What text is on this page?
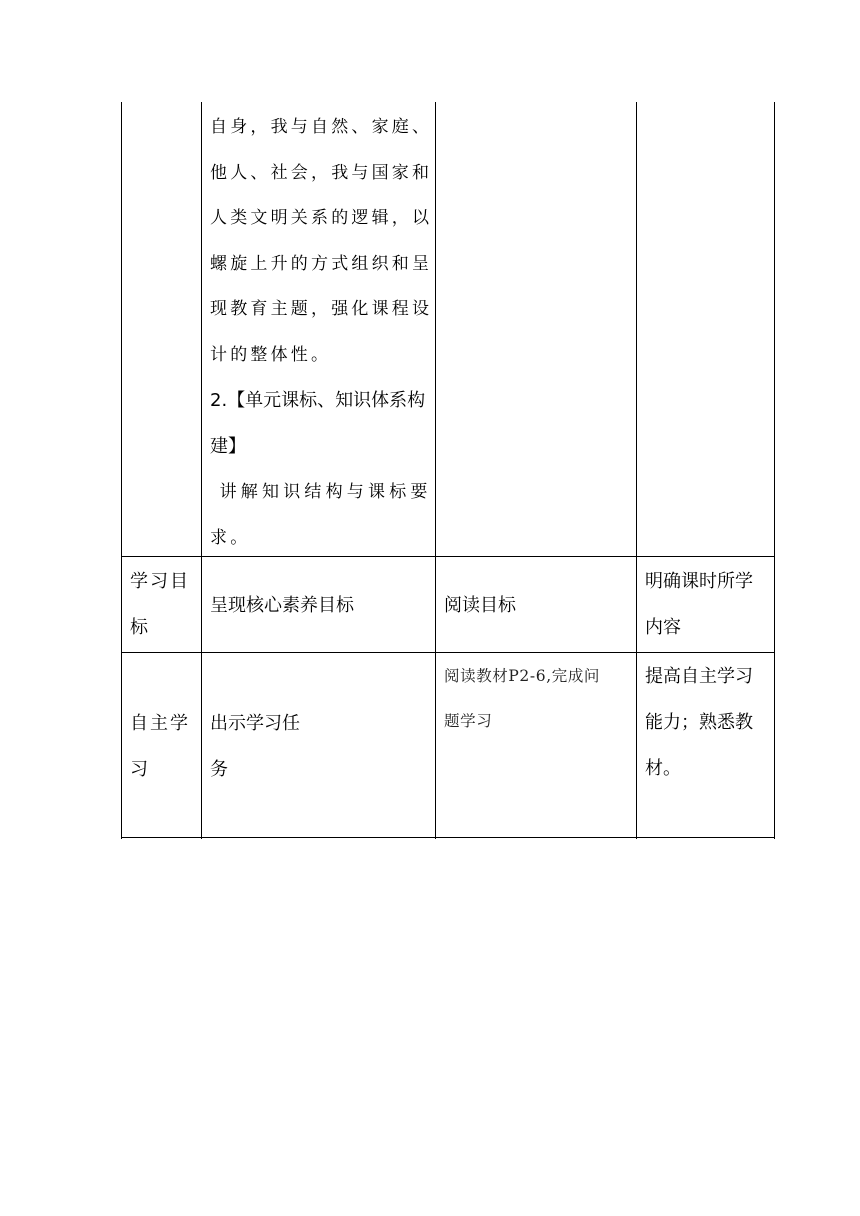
自身，我与自然、家庭、
他人、社会，我与国家和
人类文明关系的逻辑，以
螺旋上升的方式组织和呈
现教育主题，强化课程设
计的整体性。
2.【单元课标、知识体系构
建】
讲解知识结构与课标要
求。
学习目
标
呈现核心素养目标	阅读目标
明确课时所学
内容
自主学
习
出示学习任
务
阅读教材P2-6,完成问
题学习
提高自主学习
能力；熟悉教
材。
